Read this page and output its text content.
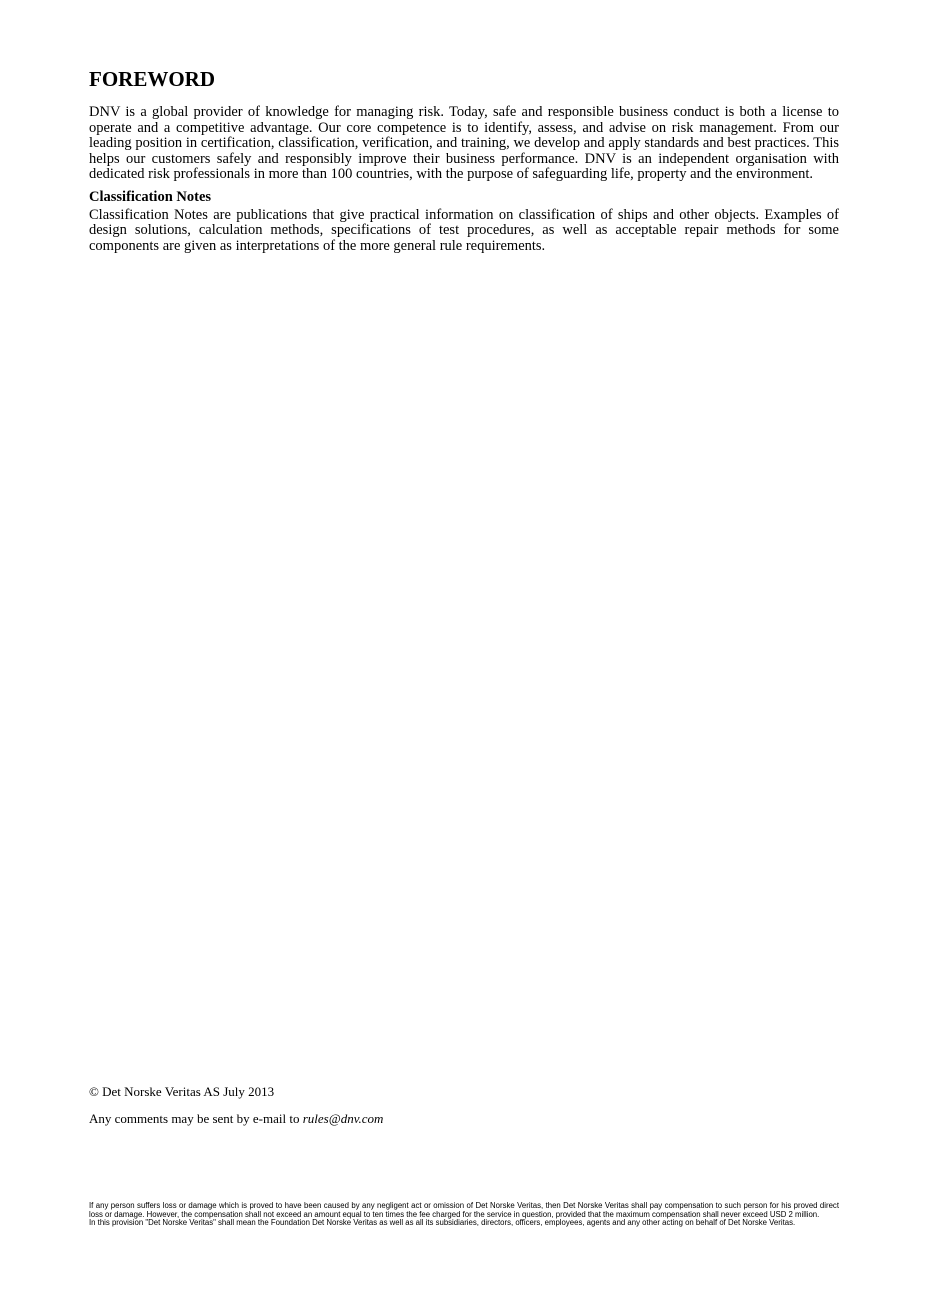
FOREWORD

DNV is a global provider of knowledge for managing risk. Today, safe and responsible business conduct is both a license to operate and a competitive advantage. Our core competence is to identify, assess, and advise on risk management. From our leading position in certification, classification, verification, and training, we develop and apply standards and best practices. This helps our customers safely and responsibly improve their business performance. DNV is an independent organisation with dedicated risk professionals in more than 100 countries, with the purpose of safeguarding life, property and the environment.

Classification Notes

Classification Notes are publications that give practical information on classification of ships and other objects. Examples of design solutions, calculation methods, specifications of test procedures, as well as acceptable repair methods for some components are given as interpretations of the more general rule requirements.

© Det Norske Veritas AS July 2013
Any comments may be sent by e-mail to rules@dnv.com

If any person suffers loss or damage which is proved to have been caused by any negligent act or omission of Det Norske Veritas, then Det Norske Veritas shall pay compensation to such person for his proved direct loss or damage. However, the compensation shall not exceed an amount equal to ten times the fee charged for the service in question, provided that the maximum compensation shall never exceed USD 2 million.

In this provision "Det Norske Veritas" shall mean the Foundation Det Norske Veritas as well as all its subsidiaries, directors, officers, employees, agents and any other acting on behalf of Det Norske Veritas.
